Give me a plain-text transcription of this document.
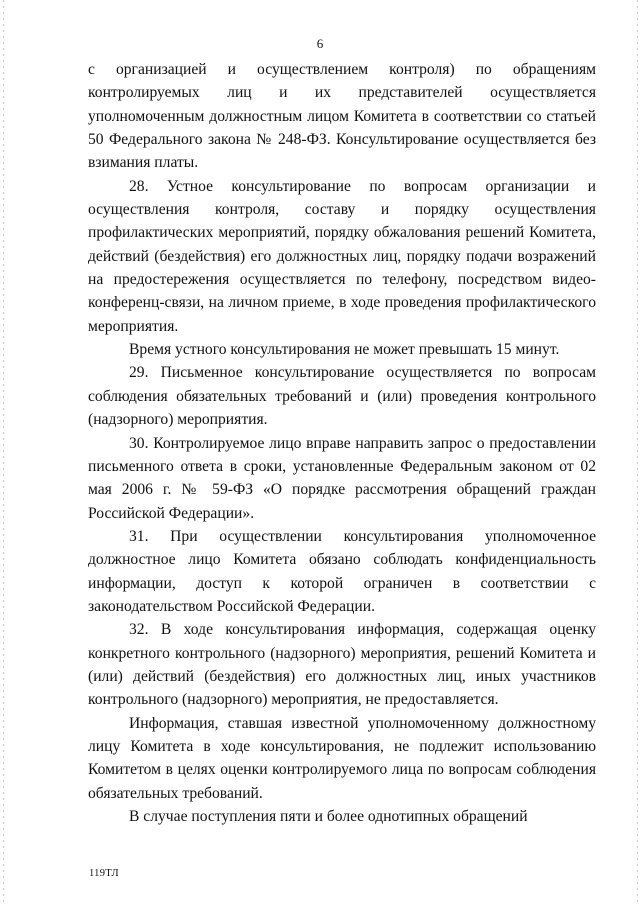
6

с организацией и осуществлением контроля) по обращениям контролируемых лиц и их представителей осуществляется уполномоченным должностным лицом Комитета в соответствии со статьей 50 Федерального закона № 248-ФЗ. Консультирование осуществляется без взимания платы.

28. Устное консультирование по вопросам организации и осуществления контроля, составу и порядку осуществления профилактических мероприятий, порядку обжалования решений Комитета, действий (бездействия) его должностных лиц, порядку подачи возражений на предостережения осуществляется по телефону, посредством видео-конференц-связи, на личном приеме, в ходе проведения профилактического мероприятия.

Время устного консультирования не может превышать 15 минут.

29. Письменное консультирование осуществляется по вопросам соблюдения обязательных требований и (или) проведения контрольного (надзорного) мероприятия.

30. Контролируемое лицо вправе направить запрос о предоставлении письменного ответа в сроки, установленные Федеральным законом от 02 мая 2006 г. № 59-ФЗ «О порядке рассмотрения обращений граждан Российской Федерации».

31. При осуществлении консультирования уполномоченное должностное лицо Комитета обязано соблюдать конфиденциальность информации, доступ к которой ограничен в соответствии с законодательством Российской Федерации.

32. В ходе консультирования информация, содержащая оценку конкретного контрольного (надзорного) мероприятия, решений Комитета и (или) действий (бездействия) его должностных лиц, иных участников контрольного (надзорного) мероприятия, не предоставляется.

Информация, ставшая известной уполномоченному должностному лицу Комитета в ходе консультирования, не подлежит использованию Комитетом в целях оценки контролируемого лица по вопросам соблюдения обязательных требований.

В случае поступления пяти и более однотипных обращений

119ТЛ
